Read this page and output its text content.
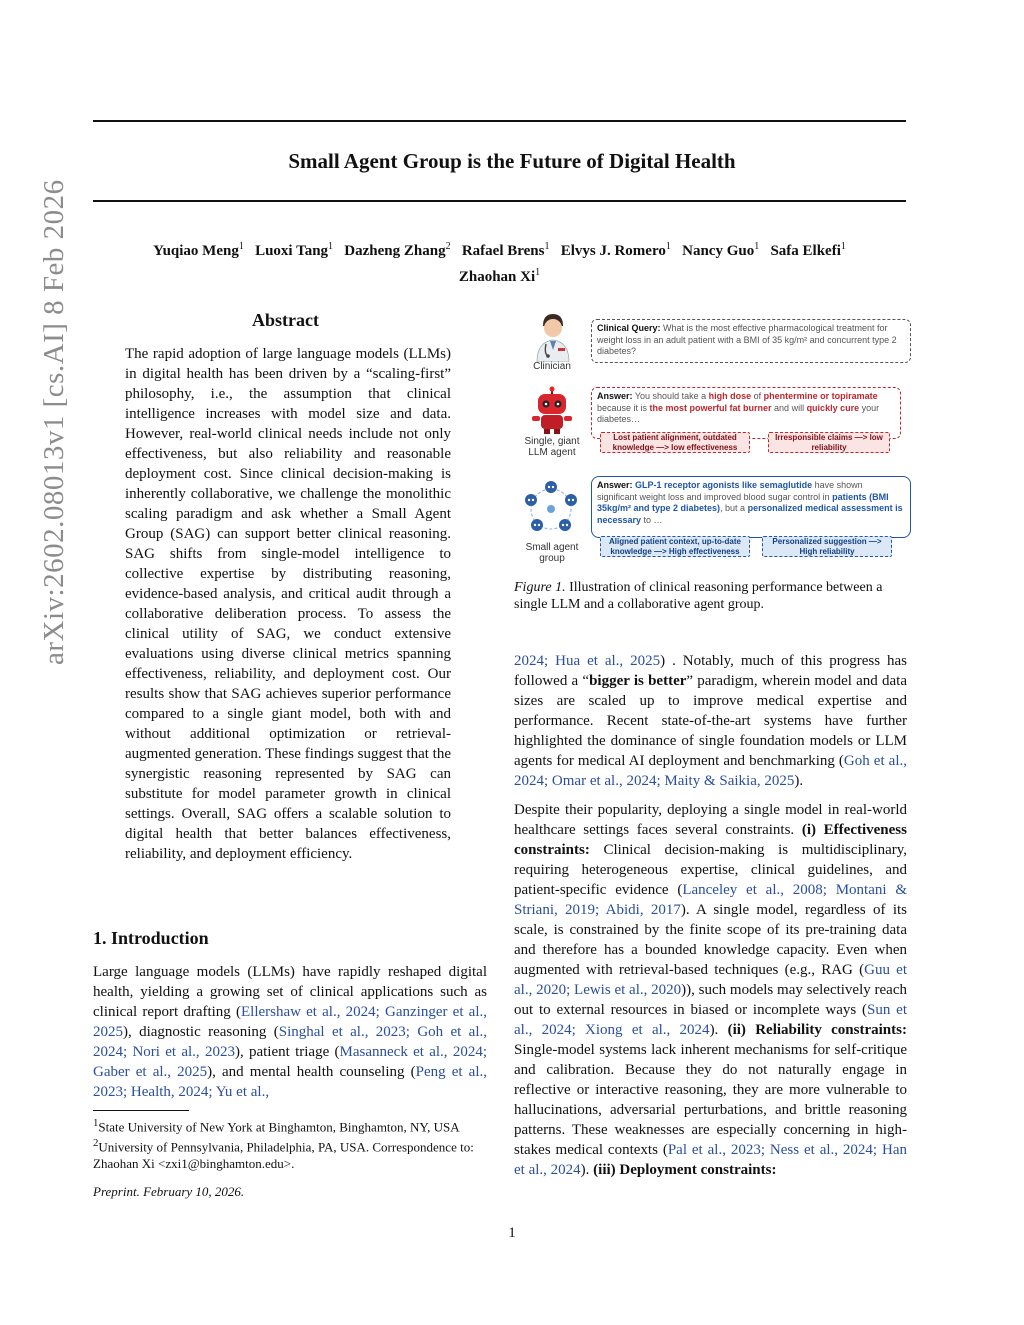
Small Agent Group is the Future of Digital Health
Yuqiao Meng$^1$ Luoxi Tang$^1$ Dazheng Zhang$^2$ Rafael Brens$^1$ Elvys J. Romero$^1$ Nancy Guo$^1$ Safa Elkefi$^1$
Zhaohan Xi$^1$
arXiv:2602.08013v1 [cs.AI] 8 Feb 2026	Abstract
The rapid adoption of large language models (LLMs) in digital health has been driven by a “scaling-first” philosophy, i.e., the assumption that clinical intelligence increases with model size and data. However, real-world clinical needs include not only effectiveness, but also reliability and reasonable deployment cost. Since clinical decision-making is inherently collaborative, we challenge the monolithic scaling paradigm and ask whether a Small Agent Group (SAG) can support better clinical reasoning. SAG shifts from single-model intelligence to collective expertise by distributing reasoning, evidence-based analysis, and critical audit through a collaborative deliberation process. To assess the clinical utility of SAG, we conduct extensive evaluations using diverse clinical metrics spanning effectiveness, reliability, and deployment cost. Our results show that SAG achieves superior performance compared to a single giant model, both with and without additional optimization or retrieval-augmented generation. These findings suggest that the synergistic reasoning represented by SAG can substitute for model parameter growth in clinical settings. Overall, SAG offers a scalable solution to digital health that better balances effectiveness, reliability, and deployment efficiency.
1. Introduction
Large language models (LLMs) have rapidly reshaped digital health, yielding a growing set of clinical applications such as clinical report drafting (Ellershaw et al., 2024; Ganzinger et al., 2025), diagnostic reasoning (Singhal et al., 2023; Goh et al., 2024; Nori et al., 2023), patient triage (Masanneck et al., 2024; Gaber et al., 2025), and mental health counseling (Peng et al., 2023; Health, 2024; Yu et al.,
$^1$State University of New York at Binghamton, Binghamton, NY, USA $^2$University of Pennsylvania, Philadelphia, PA, USA. Correspondence to: Zhaohan Xi <zxi1@binghamton.edu>.
Preprint. February 10, 2026.
Clinician
Single, giant LLM agent
Small agent group
Clinical Query: What is the most effective pharmacological treatment for weight loss in an adult patient with a BMI of 35 kg/m² and concurrent type 2 diabetes?
Answer: You should take a high dose of phentermine or topiramate because it is the most powerful fat burner and will quickly cure your diabetes…
Lost patient alignment, outdated knowledge —> low effectiveness
Irresponsible claims —> low reliability
Answer: GLP-1 receptor agonists like semaglutide have shown significant weight loss and improved blood sugar control in patients (BMI 35kg/m² and type 2 diabetes), but a personalized medical assessment is necessary to …
Aligned patient context, up-to-date knowledge —> High effectiveness
Personalized suggestion —> High reliability
Figure 1. Illustration of clinical reasoning performance between a single LLM and a collaborative agent group.
2024; Hua et al., 2025) . Notably, much of this progress has followed a “bigger is better” paradigm, wherein model and data sizes are scaled up to improve medical expertise and performance. Recent state-of-the-art systems have further highlighted the dominance of single foundation models or LLM agents for medical AI deployment and benchmarking (Goh et al., 2024; Omar et al., 2024; Maity & Saikia, 2025).
Despite their popularity, deploying a single model in real-world healthcare settings faces several constraints. (i) Effectiveness constraints: Clinical decision-making is multidisciplinary, requiring heterogeneous expertise, clinical guidelines, and patient-specific evidence (Lanceley et al., 2008; Montani & Striani, 2019; Abidi, 2017). A single model, regardless of its scale, is constrained by the finite scope of its pre-training data and therefore has a bounded knowledge capacity. Even when augmented with retrieval-based techniques (e.g., RAG (Guu et al., 2020; Lewis et al., 2020)), such models may selectively reach out to external resources in biased or incomplete ways (Sun et al., 2024; Xiong et al., 2024). (ii) Reliability constraints: Single-model systems lack inherent mechanisms for self-critique and calibration. Because they do not naturally engage in reflective or interactive reasoning, they are more vulnerable to hallucinations, adversarial perturbations, and brittle reasoning patterns. These weaknesses are especially concerning in high-stakes medical contexts (Pal et al., 2023; Ness et al., 2024; Han et al., 2024). (iii) Deployment constraints:
1
